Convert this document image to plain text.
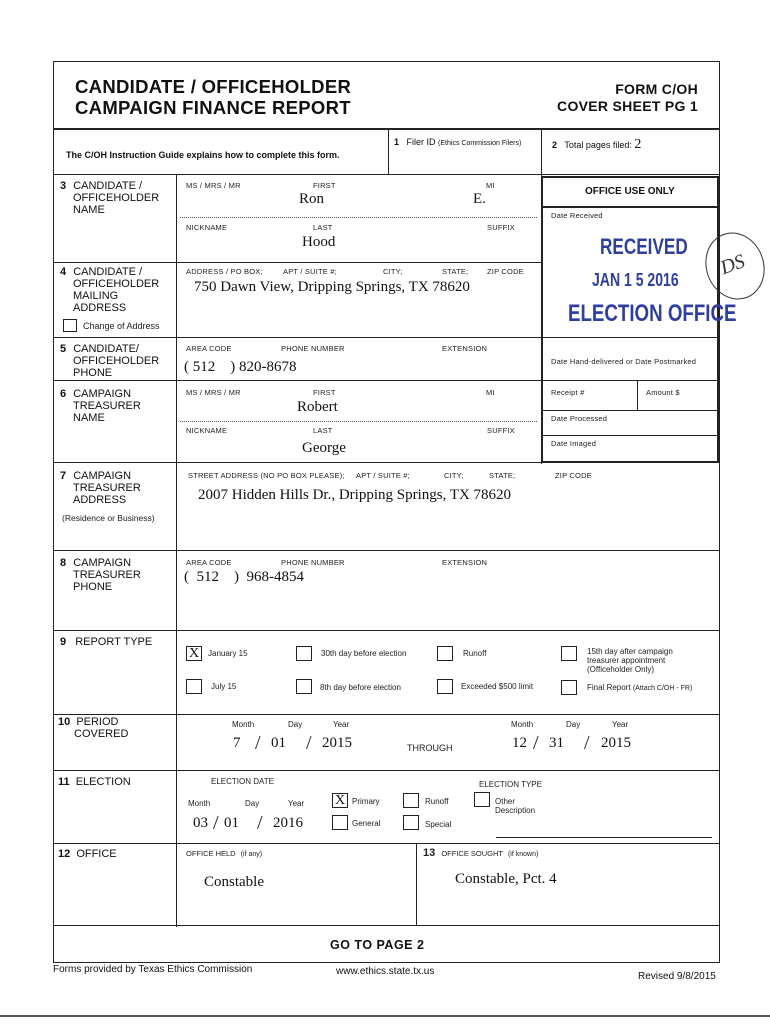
CANDIDATE / OFFICEHOLDER
CAMPAIGN FINANCE REPORT
FORM C/OH
COVER SHEET PG 1
The C/OH Instruction Guide explains how to complete this form.
1 Filer ID (Ethics Commission Filers)	2 Total pages filed: 2
OFFICE USE ONLY
Date Received
RECEIVED
JAN 1 5 2016
ELECTION OFFICE
DS
Date Hand-delivered or Date Postmarked
Receipt #	Amount $
Date Processed
Date Imaged
3 CANDIDATE /
OFFICEHOLDER
NAME
MS / MRS / MR	FIRST	MI
Ron	E.
NICKNAME	LAST	SUFFIX
Hood
4 CANDIDATE /
OFFICEHOLDER
MAILING
ADDRESS
ADDRESS / PO BOX;	APT / SUITE #;	CITY;	STATE; ZIP CODE
750 Dawn View, Dripping Springs, TX 78620
Change of Address
5 CANDIDATE/
OFFICEHOLDER
PHONE
AREA CODE	PHONE NUMBER	EXTENSION
( 512    ) 820-8678
6 CAMPAIGN
TREASURER
NAME
MS / MRS / MR	FIRST	MI
Robert
NICKNAME	LAST	SUFFIX
George
7 CAMPAIGN
TREASURER
ADDRESS
(Residence or Business)
STREET ADDRESS (NO PO BOX PLEASE); APT / SUITE #;	CITY;	STATE;	ZIP CODE
2007 Hidden Hills Dr., Dripping Springs, TX 78620
8 CAMPAIGN
TREASURER
PHONE
AREA CODE	PHONE NUMBER	EXTENSION
(  512    )  968-4854
9 REPORT TYPE
X	January 15	30th day before election	Runoff	15th day after campaign
treasurer appointment
(Officeholder Only)
July 15	8th day before election	Exceeded $500 limit	Final Report (Attach C/OH - FR)
10 PERIOD
COVERED
Month	Day	Year
7 / 01 / 2015	THROUGH
Month	Day	Year
12 / 31 / 2015
11 ELECTION	ELECTION DATE
Month	Day	Year
03 / 01 / 2016
ELECTION TYPE
X Primary	Runoff	Other
Description
General	Special
12 OFFICE	OFFICE HELD (if any)
Constable
13 OFFICE SOUGHT (if known)
Constable, Pct. 4
GO TO PAGE 2
Forms provided by Texas Ethics Commission	www.ethics.state.tx.us	Revised 9/8/2015
